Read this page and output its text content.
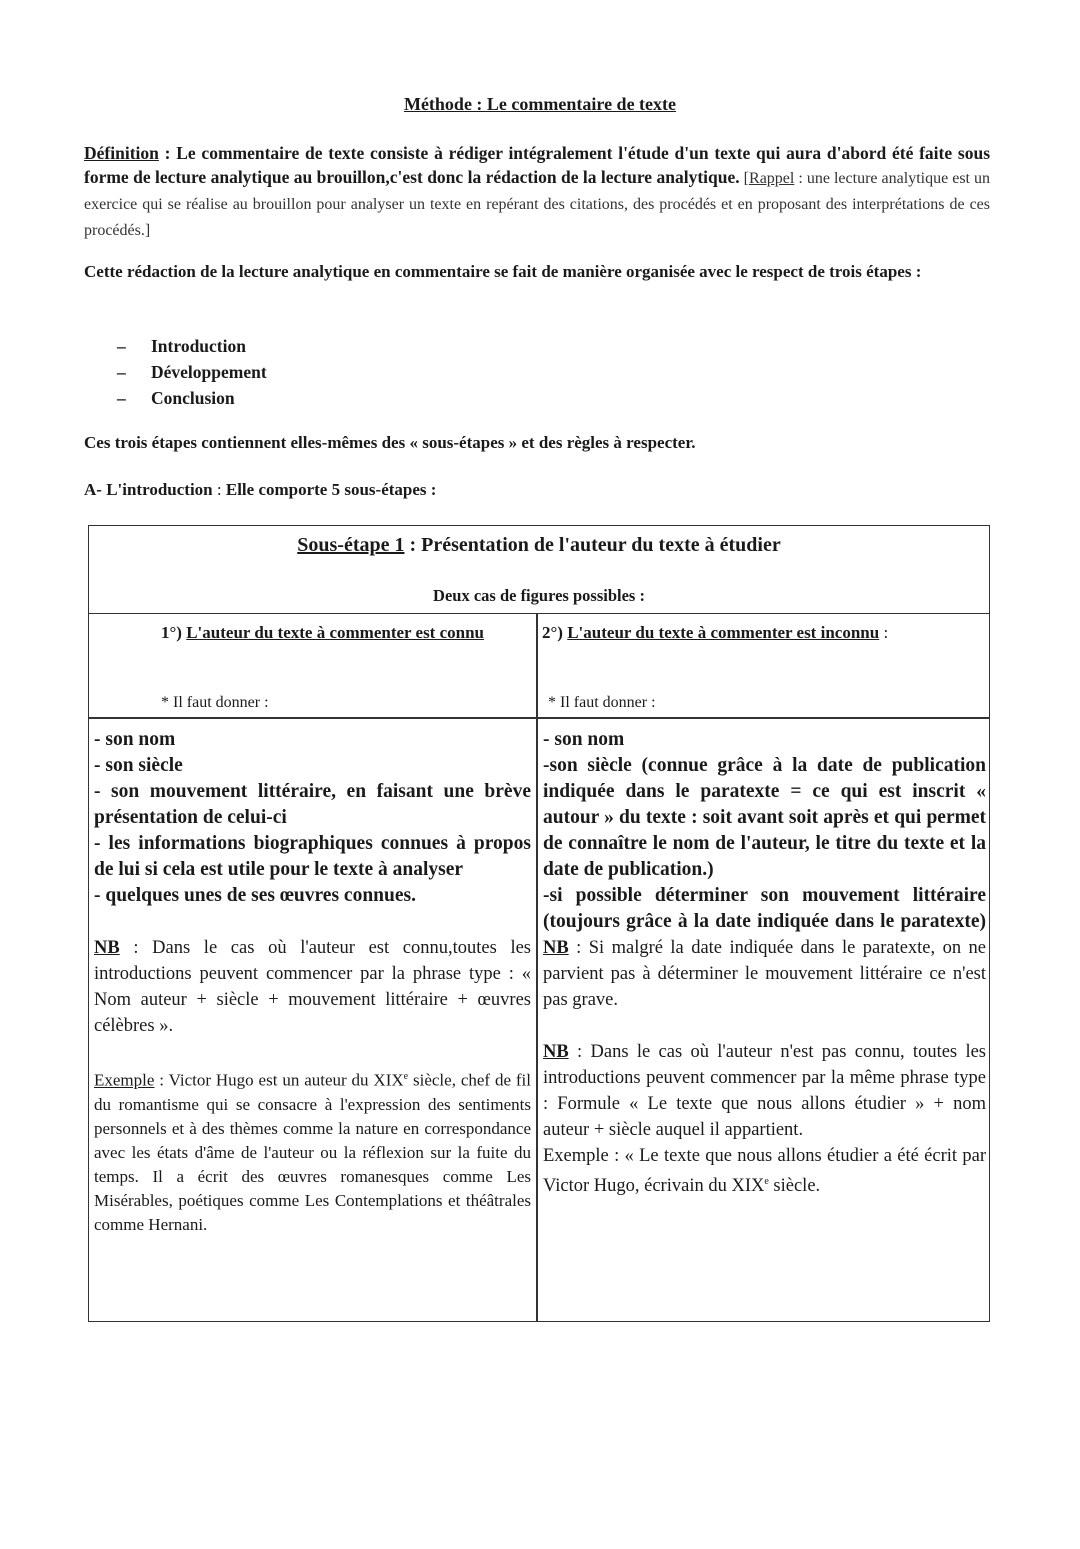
Méthode : Le commentaire de texte
Définition : Le commentaire de texte consiste à rédiger intégralement l'étude d'un texte qui aura d'abord été faite sous forme de lecture analytique au brouillon,c'est donc la rédaction de la lecture analytique. [Rappel : une lecture analytique est un exercice qui se réalise au brouillon pour analyser un texte en repérant des citations, des procédés et en proposant des interprétations de ces procédés.]
Cette rédaction de la lecture analytique en commentaire se fait de manière organisée avec le respect de trois étapes :
– Introduction
– Développement
– Conclusion
Ces trois étapes contiennent elles-mêmes des « sous-étapes » et des règles à respecter.
A- L'introduction : Elle comporte 5 sous-étapes :
Sous-étape 1 : Présentation de l'auteur du texte à étudier
Deux cas de figures possibles :
1°) L'auteur du texte à commenter est connu
* Il faut donner :
2°) L'auteur du texte à commenter est inconnu :
* Il faut donner :
- son nom
- son siècle
- son mouvement littéraire, en faisant une brève présentation de celui-ci
- les informations biographiques connues à propos de lui si cela est utile pour le texte à analyser
- quelques unes de ses œuvres connues.
NB : Dans le cas où l'auteur est connu,toutes les introductions peuvent commencer par la phrase type : « Nom auteur + siècle + mouvement littéraire + œuvres célèbres ».
Exemple : Victor Hugo est un auteur du XIXe siècle, chef de fil du romantisme qui se consacre à l'expression des sentiments personnels et à des thèmes comme la nature en correspondance avec les états d'âme de l'auteur ou la réflexion sur la fuite du temps. Il a écrit des œuvres romanesques comme Les Misérables, poétiques comme Les Contemplations et théâtrales comme Hernani.
- son nom
-son siècle (connue grâce à la date de publication indiquée dans le paratexte = ce qui est inscrit « autour » du texte : soit avant soit après et qui permet de connaître le nom de l'auteur, le titre du texte et la date de publication.)
-si possible déterminer son mouvement littéraire (toujours grâce à la date indiquée dans le paratexte) NB : Si malgré la date indiquée dans le paratexte, on ne parvient pas à déterminer le mouvement littéraire ce n'est pas grave.
NB : Dans le cas où l'auteur n'est pas connu, toutes les introductions peuvent commencer par la même phrase type : Formule « Le texte que nous allons étudier » + nom auteur + siècle auquel il appartient.
Exemple : « Le texte que nous allons étudier a été écrit par Victor Hugo, écrivain du XIXe siècle.
